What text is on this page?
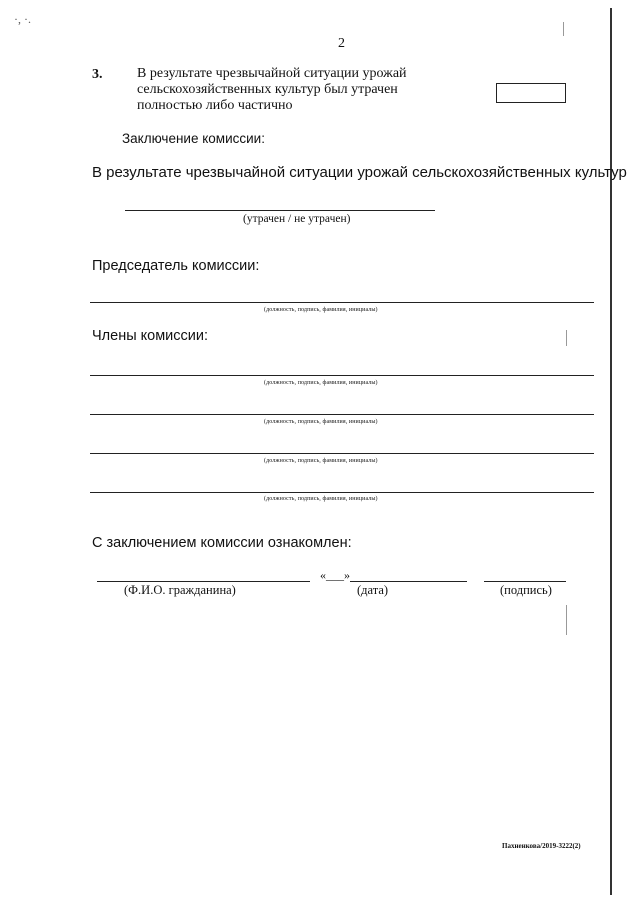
·, ·.
2
3. В результате чрезвычайной ситуации урожай
сельскохозяйственных культур был утрачен
полностью либо частично
Заключение комиссии:
В результате чрезвычайной ситуации урожай сельскохозяйственных культур
(утрачен / не утрачен)
Председатель комиссии:
(должность, подпись, фамилия, инициалы)
Члены комиссии:
(должность, подпись, фамилия, инициалы)
(должность, подпись, фамилия, инициалы)
(должность, подпись, фамилия, инициалы)
(должность, подпись, фамилия, инициалы)
С заключением комиссии ознакомлен:
«___»
(Ф.И.О. гражданина)	(дата)	(подпись)
Пахненкова/2019-3222(2)
